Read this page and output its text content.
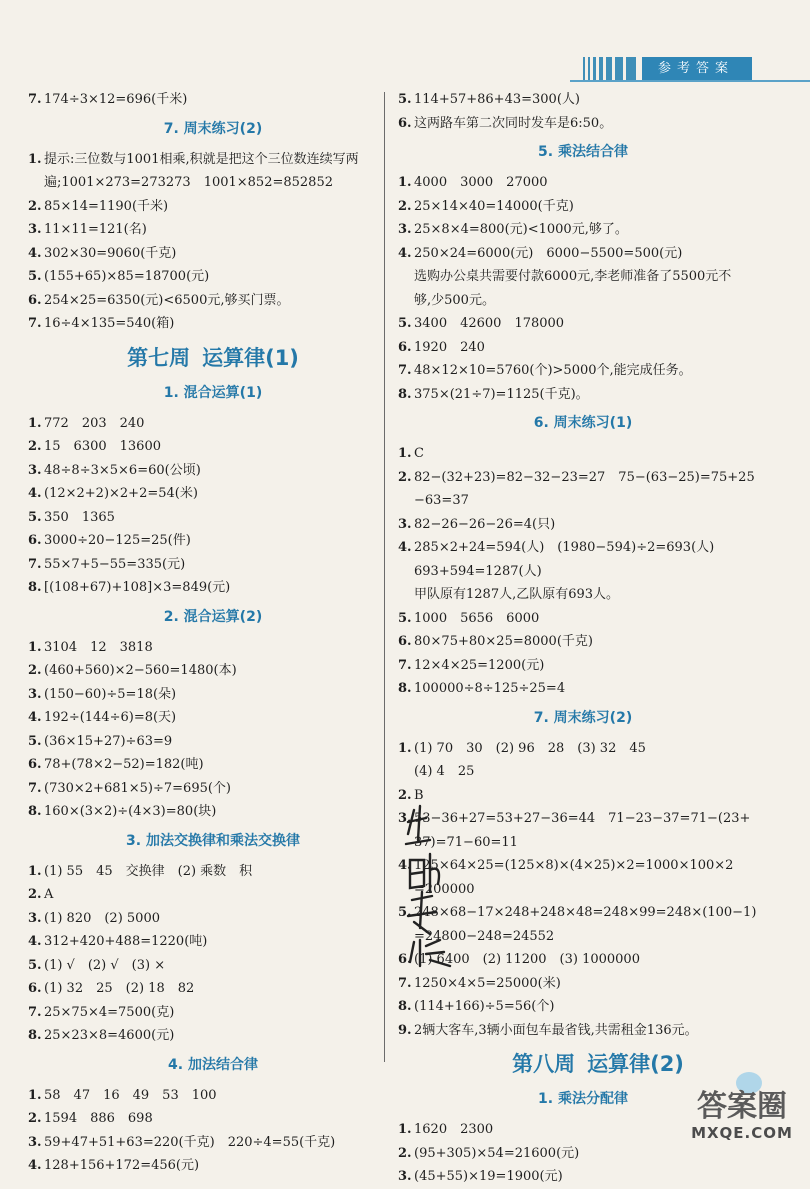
参考答案
7. 174÷3×12=696(千米)
7. 周末练习(2)
1. 提示:三位数与1001相乘,积就是把这个三位数连续写两
遍;1001×273=273273　1001×852=852852
2. 85×14=1190(千米)
3. 11×11=121(名)
4. 302×30=9060(千克)
5. (155+65)×85=18700(元)
6. 254×25=6350(元)<6500元,够买门票。
7. 16÷4×135=540(箱)
第七周 运算律(1)
1. 混合运算(1)
1. 772　203　240
2. 15　6300　13600
3. 48÷8÷3×5×6=60(公顷)
4. (12×2+2)×2+2=54(米)
5. 350　1365
6. 3000÷20−125=25(件)
7. 55×7+5−55=335(元)
8. [(108+67)+108]×3=849(元)
2. 混合运算(2)
1. 3104　12　3818
2. (460+560)×2−560=1480(本)
3. (150−60)÷5=18(朵)
4. 192÷(144÷6)=8(天)
5. (36×15+27)÷63=9
6. 78+(78×2−52)=182(吨)
7. (730×2+681×5)÷7=695(个)
8. 160×(3×2)÷(4×3)=80(块)
3. 加法交换律和乘法交换律
1. (1) 55　45　交换律　(2) 乘数　积
2. A
3. (1) 820　(2) 5000
4. 312+420+488=1220(吨)
5. (1) √　(2) √　(3) ×
6. (1) 32　25　(2) 18　82
7. 25×75×4=7500(克)
8. 25×23×8=4600(元)
4. 加法结合律
1. 58　47　16　49　53　100
2. 1594　886　698
3. 59+47+51+63=220(千克)　220÷4=55(千克)
4. 128+156+172=456(元)
5. 114+57+86+43=300(人)
6. 这两路车第二次同时发车是6:50。
5. 乘法结合律
1. 4000　3000　27000
2. 25×14×40=14000(千克)
3. 25×8×4=800(元)<1000元,够了。
4. 250×24=6000(元)　6000−5500=500(元)
选购办公桌共需要付款6000元,李老师准备了5500元不
够,少500元。
5. 3400　42600　178000
6. 1920　240
7. 48×12×10=5760(个)>5000个,能完成任务。
8. 375×(21÷7)=1125(千克)。
6. 周末练习(1)
1. C
2. 82−(32+23)=82−32−23=27　75−(63−25)=75+25
−63=37
3. 82−26−26−26=4(只)
4. 285×2+24=594(人)　(1980−594)÷2=693(人)
693+594=1287(人)
甲队原有1287人,乙队原有693人。
5. 1000　5656　6000
6. 80×75+80×25=8000(千克)
7. 12×4×25=1200(元)
8. 100000÷8÷125÷25=4
7. 周末练习(2)
1. (1) 70　30　(2) 96　28　(3) 32　45
(4) 4　25
2. B
3. 53−36+27=53+27−36=44　71−23−37=71−(23+
37)=71−60=11
4. 125×64×25=(125×8)×(4×25)×2=1000×100×2
=200000
5. 248×68−17×248+248×48=248×99=248×(100−1)
=24800−248=24552
6. (1) 6400　(2) 11200　(3) 1000000
7. 1250×4×5=25000(米)
8. (114+166)÷5=56(个)
9. 2辆大客车,3辆小面包车最省钱,共需租金136元。
第八周 运算律(2)
1. 乘法分配律
1. 1620　2300
2. (95+305)×54=21600(元)
3. (45+55)×19=1900(元)
答案圈
MXQE.COM
